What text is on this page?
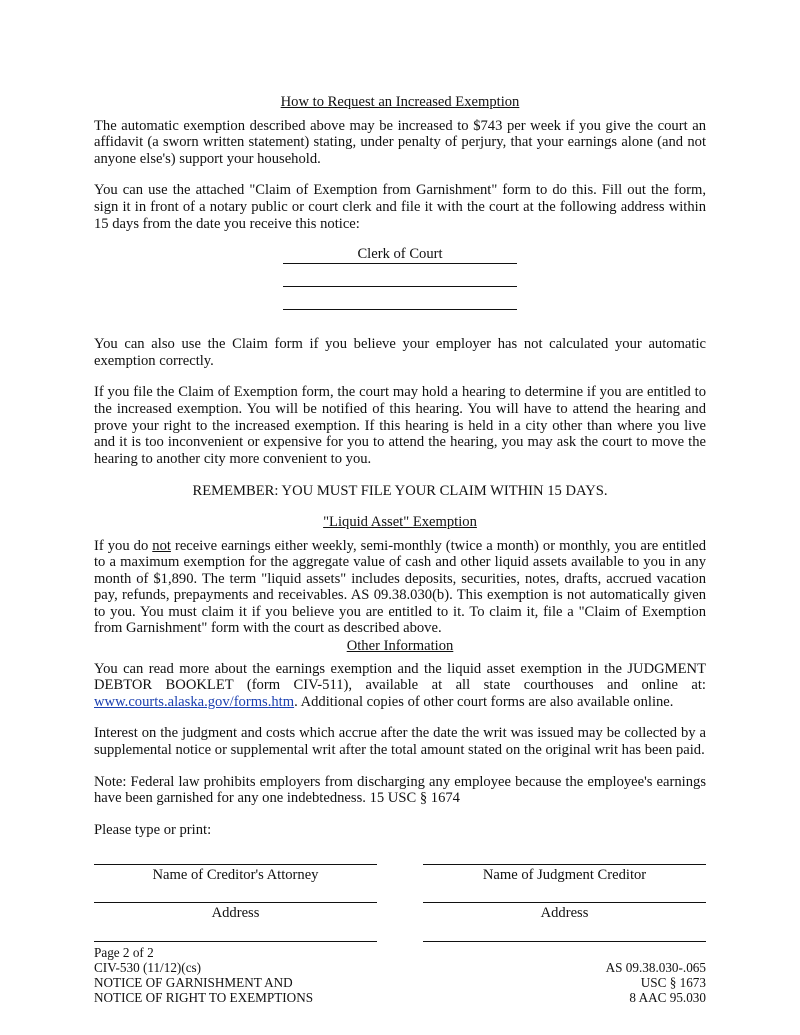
How to Request an Increased Exemption

The automatic exemption described above may be increased to $743 per week if you give the court an affidavit (a sworn written statement) stating, under penalty of perjury, that your earnings alone (and not anyone else's) support your household.

You can use the attached "Claim of Exemption from Garnishment" form to do this. Fill out the form, sign it in front of a notary public or court clerk and file it with the court at the following address within 15 days from the date you receive this notice:

Clerk of Court

You can also use the Claim form if you believe your employer has not calculated your automatic exemption correctly.

If you file the Claim of Exemption form, the court may hold a hearing to determine if you are entitled to the increased exemption. You will be notified of this hearing. You will have to attend the hearing and prove your right to the increased exemption. If this hearing is held in a city other than where you live and it is too inconvenient or expensive for you to attend the hearing, you may ask the court to move the hearing to another city more convenient to you.

REMEMBER: YOU MUST FILE YOUR CLAIM WITHIN 15 DAYS.

"Liquid Asset" Exemption

If you do not receive earnings either weekly, semi-monthly (twice a month) or monthly, you are entitled to a maximum exemption for the aggregate value of cash and other liquid assets available to you in any month of $1,890. The term "liquid assets" includes deposits, securities, notes, drafts, accrued vacation pay, refunds, prepayments and receivables. AS 09.38.030(b). This exemption is not automatically given to you. You must claim it if you believe you are entitled to it. To claim it, file a "Claim of Exemption from Garnishment" form with the court as described above.

Other Information

You can read more about the earnings exemption and the liquid asset exemption in the JUDGMENT DEBTOR BOOKLET (form CIV-511), available at all state courthouses and online at: www.courts.alaska.gov/forms.htm. Additional copies of other court forms are also available online.

Interest on the judgment and costs which accrue after the date the writ was issued may be collected by a supplemental notice or supplemental writ after the total amount stated on the original writ has been paid.

Note: Federal law prohibits employers from discharging any employee because the employee's earnings have been garnished for any one indebtedness. 15 USC § 1674

Please type or print:

Name of Creditor's Attorney	Name of Judgment Creditor
Address	Address
Page 2 of 2
CIV-530 (11/12)(cs)
NOTICE OF GARNISHMENT AND
NOTICE OF RIGHT TO EXEMPTIONS
AS 09.38.030-.065
USC § 1673
8 AAC 95.030
